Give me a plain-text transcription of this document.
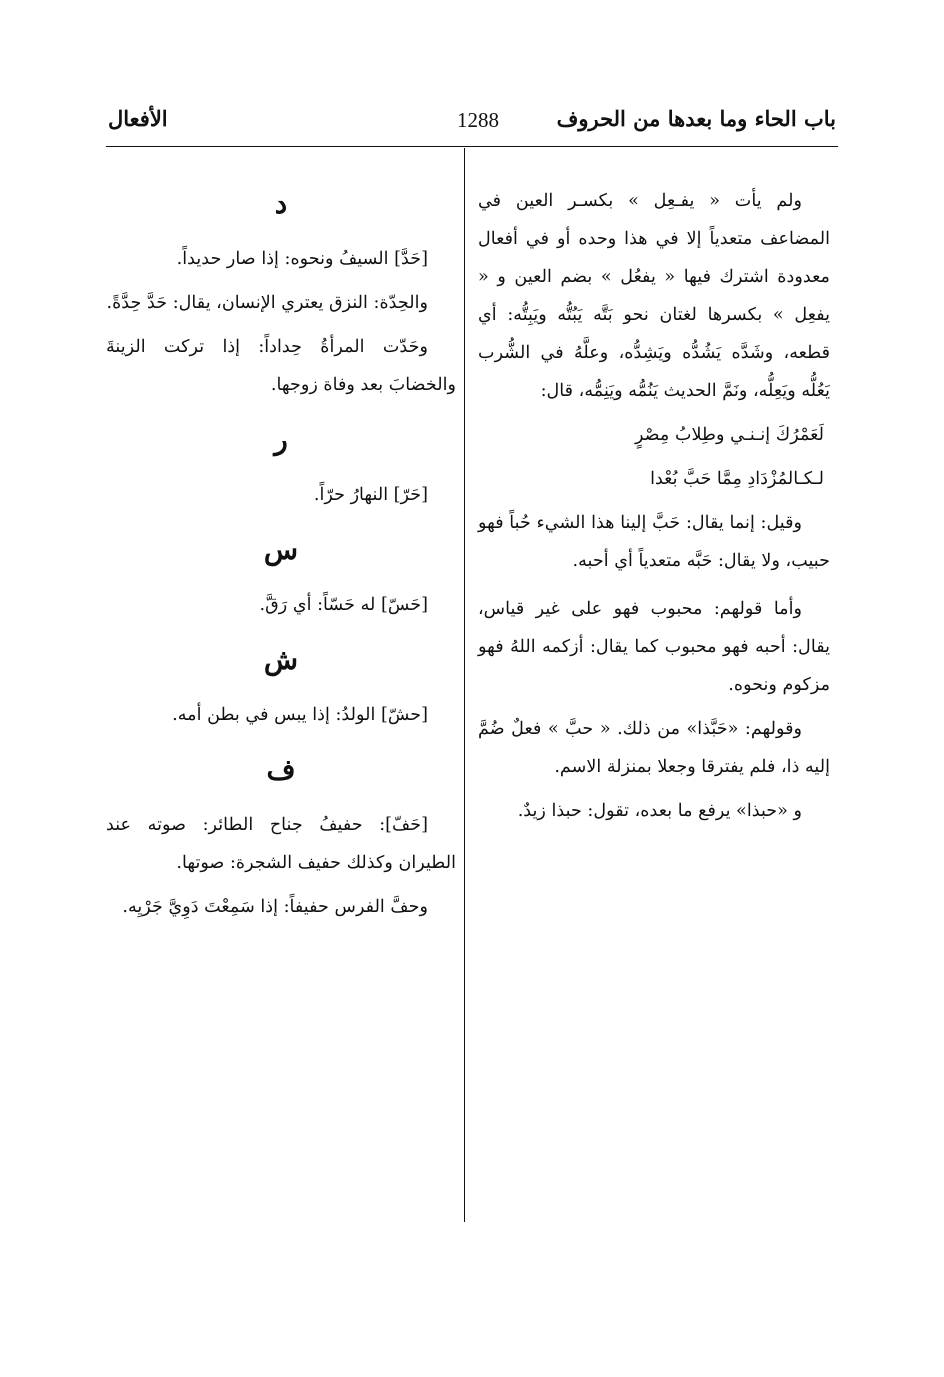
باب الحاء وما بعدها من الحروف
1288
الأفعال

ولم يأت « يفـعِل » بكسـر العين في المضاعف متعدياً إلا في هذا وحده أو في أفعال معدودة اشترك فيها « يفعُل » بضم العين و « يفعِل » بكسرها لغتان نحو بَتَّه يَبُتُّه ويَبِتُّه: أي قطعه، وشَدَّه يَشُدُّه ويَشِدُّه، وعلَّهُ في الشُّرب يَعُلُّه ويَعِلُّه، ونَمَّ الحديث يَنُمُّه ويَنِمُّه، قال:

لَعَمْرُكَ إنـنـي وطِلابُ مِصْرٍ

لـكـالمُزْدَادِ مِمَّا حَبَّ بُعْدا

وقيل: إنما يقال: حَبَّ إلينا هذا الشيء حُباً فهو حبيب، ولا يقال: حَبَّه متعدياً أي أحبه.

وأما قولهم: محبوب فهو على غير قياس، يقال: أحبه فهو محبوب كما يقال: أزكمه اللهُ فهو مزكوم ونحوه.

وقولهم: «حَبَّذا» من ذلك. « حبَّ » فعلٌ ضُمَّ إليه ذا، فلم يفترقا وجعلا بمنزلة الاسم.

و «حبذا» يرفع ما بعده، تقول: حبذا زيدٌ.

د

[حَدَّ] السيفُ ونحوه: إذا صار حديداً.

والحِدّة: النزق يعتري الإنسان، يقال: حَدَّ حِدَّةً.

وحَدّت المرأةُ حِداداً: إذا تركت الزينةَ والخضابَ بعد وفاة زوجها.

ر

[حَرّ] النهارُ حرّاً.

س

[حَسّ] له حَسّاً: أي رَقَّ.

ش

[حشّ] الولدُ: إذا يبس في بطن أمه.

ف

[حَفّ]: حفيفُ جناح الطائر: صوته عند الطيران وكذلك حفيف الشجرة: صوتها.

وحفَّ الفرس حفيفاً: إذا سَمِعْتَ دَوِيَّ جَرْيِه.
